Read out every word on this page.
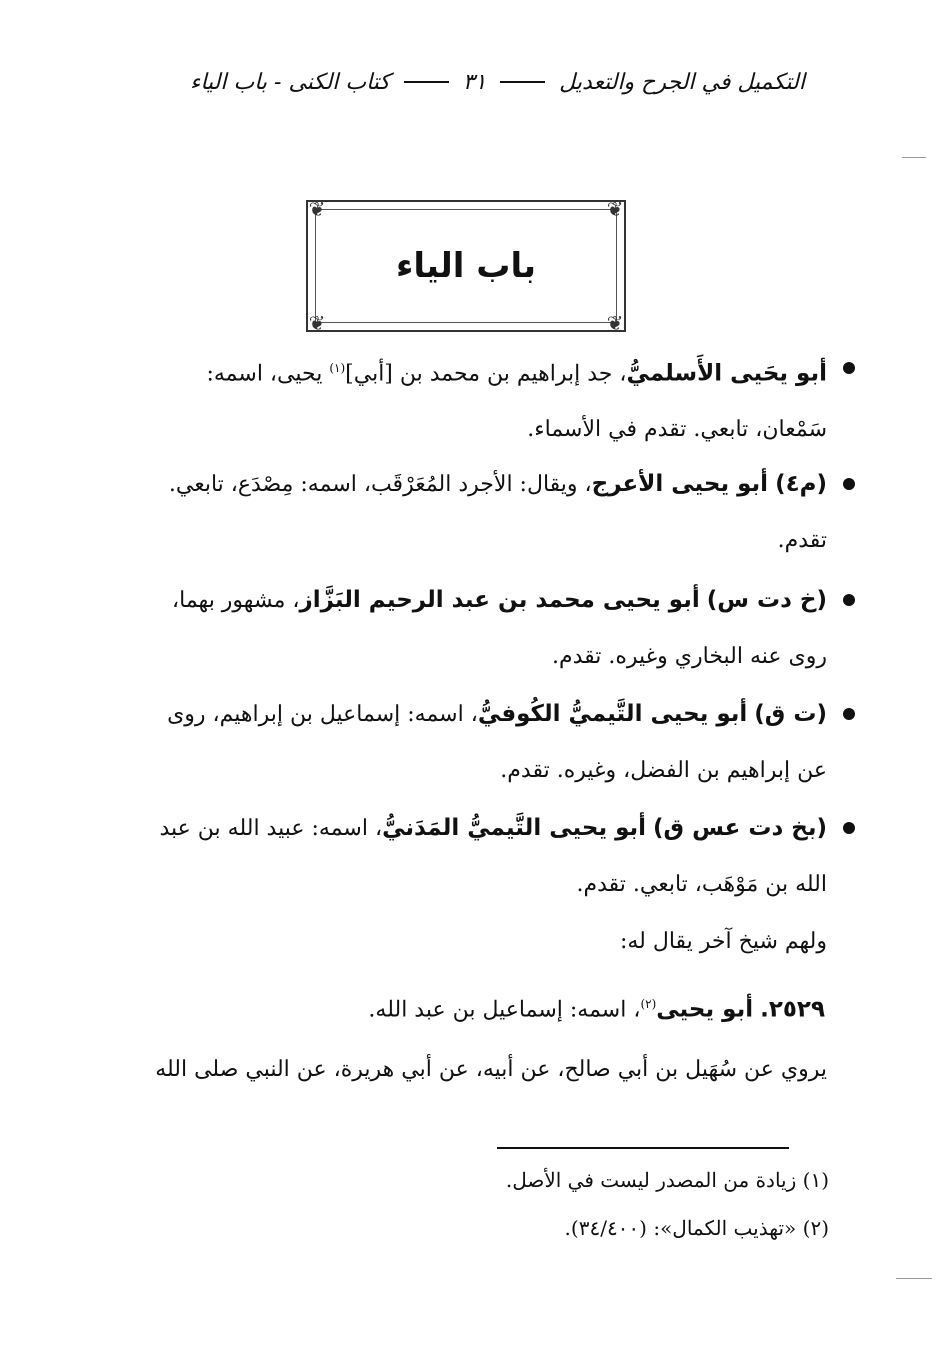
التكميل في الجرح والتعديل
٣١
كتاب الكنى - باب الياء
❦	❦
❦	❦
باب الياء
أبو يحَيى الأَسلميُّ، جد إبراهيم بن محمد بن [أبي]$^{(١)}$ يحيى، اسمه: سَمْعان، تابعي. تقدم في الأسماء.
(م٤) أبو يحيى الأعرج، ويقال: الأجرد المُعَرْقَب، اسمه: مِصْدَع، تابعي. تقدم.
(خ دت س) أبو يحيى محمد بن عبد الرحيم البَزَّاز، مشهور بهما، روى عنه البخاري وغيره. تقدم.
(ت ق) أبو يحيى التَّيميُّ الكُوفيُّ، اسمه: إسماعيل بن إبراهيم، روى عن إبراهيم بن الفضل، وغيره. تقدم.
(بخ دت عس ق) أبو يحيى التَّيميُّ المَدَنيُّ، اسمه: عبيد الله بن عبد الله بن مَوْهَب، تابعي. تقدم.
ولهم شيخ آخر يقال له:
٢٥٢٩. أبو يحيى$^{(٢)}$، اسمه: إسماعيل بن عبد الله.
يروي عن سُهَيل بن أبي صالح، عن أبيه، عن أبي هريرة، عن النبي صلى الله
(١) زيادة من المصدر ليست في الأصل.
(٢) «تهذيب الكمال»: (٣٤/٤٠٠).
